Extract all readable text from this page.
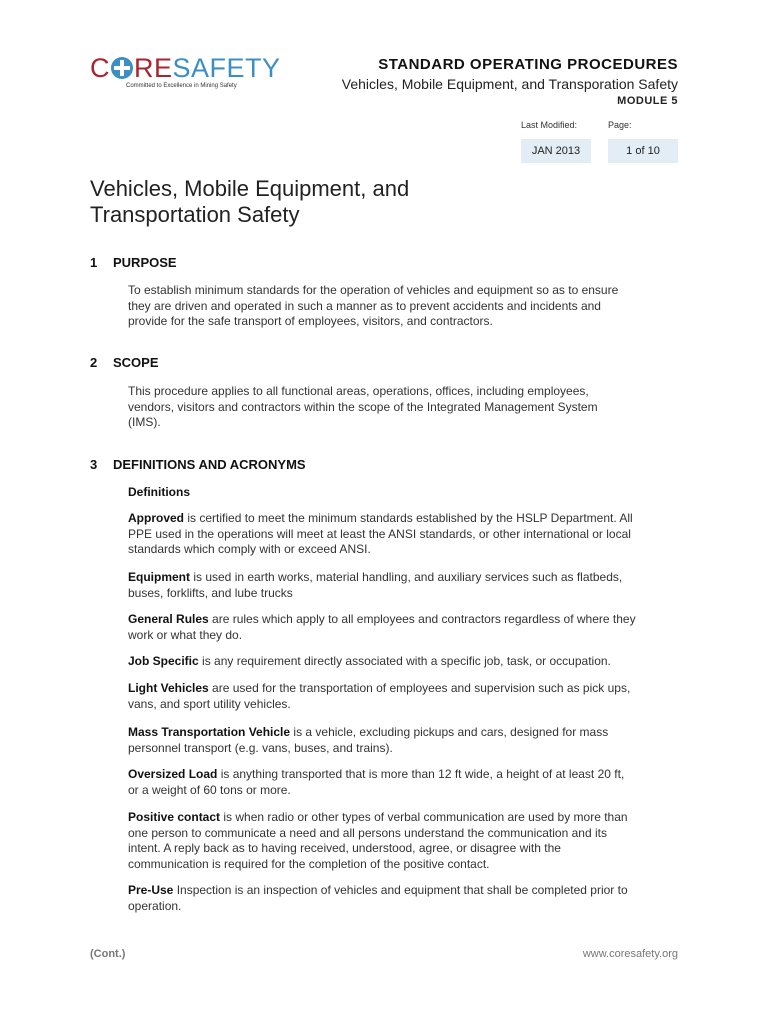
C RESAFETY
Committed to Excellence in Mining Safety
STANDARD OPERATING PROCEDURES
Vehicles, Mobile Equipment, and Transporation Safety
MODULE 5
Last Modified:	Page:
JAN 2013	1 of 10
Vehicles, Mobile Equipment, and Transportation Safety
1 PURPOSE
To establish minimum standards for the operation of vehicles and equipment so as to ensure they are driven and operated in such a manner as to prevent accidents and incidents and provide for the safe transport of employees, visitors, and contractors.
2 SCOPE
This procedure applies to all functional areas, operations, offices, including employees, vendors, visitors and contractors within the scope of the Integrated Management System (IMS).
3 DEFINITIONS AND ACRONYMS
Definitions
Approved is certified to meet the minimum standards established by the HSLP Department. All PPE used in the operations will meet at least the ANSI standards, or other international or local standards which comply with or exceed ANSI.
Equipment is used in earth works, material handling, and auxiliary services such as flatbeds, buses, forklifts, and lube trucks
General Rules are rules which apply to all employees and contractors regardless of where they work or what they do.
Job Specific is any requirement directly associated with a specific job, task, or occupation.
Light Vehicles are used for the transportation of employees and supervision such as pick ups, vans, and sport utility vehicles.
Mass Transportation Vehicle is a vehicle, excluding pickups and cars, designed for mass personnel transport (e.g. vans, buses, and trains).
Oversized Load is anything transported that is more than 12 ft wide, a height of at least 20 ft, or a weight of 60 tons or more.
Positive contact is when radio or other types of verbal communication are used by more than one person to communicate a need and all persons understand the communication and its intent. A reply back as to having received, understood, agree, or disagree with the communication is required for the completion of the positive contact.
Pre-Use Inspection is an inspection of vehicles and equipment that shall be completed prior to operation.
(Cont.)	www.coresafety.org
